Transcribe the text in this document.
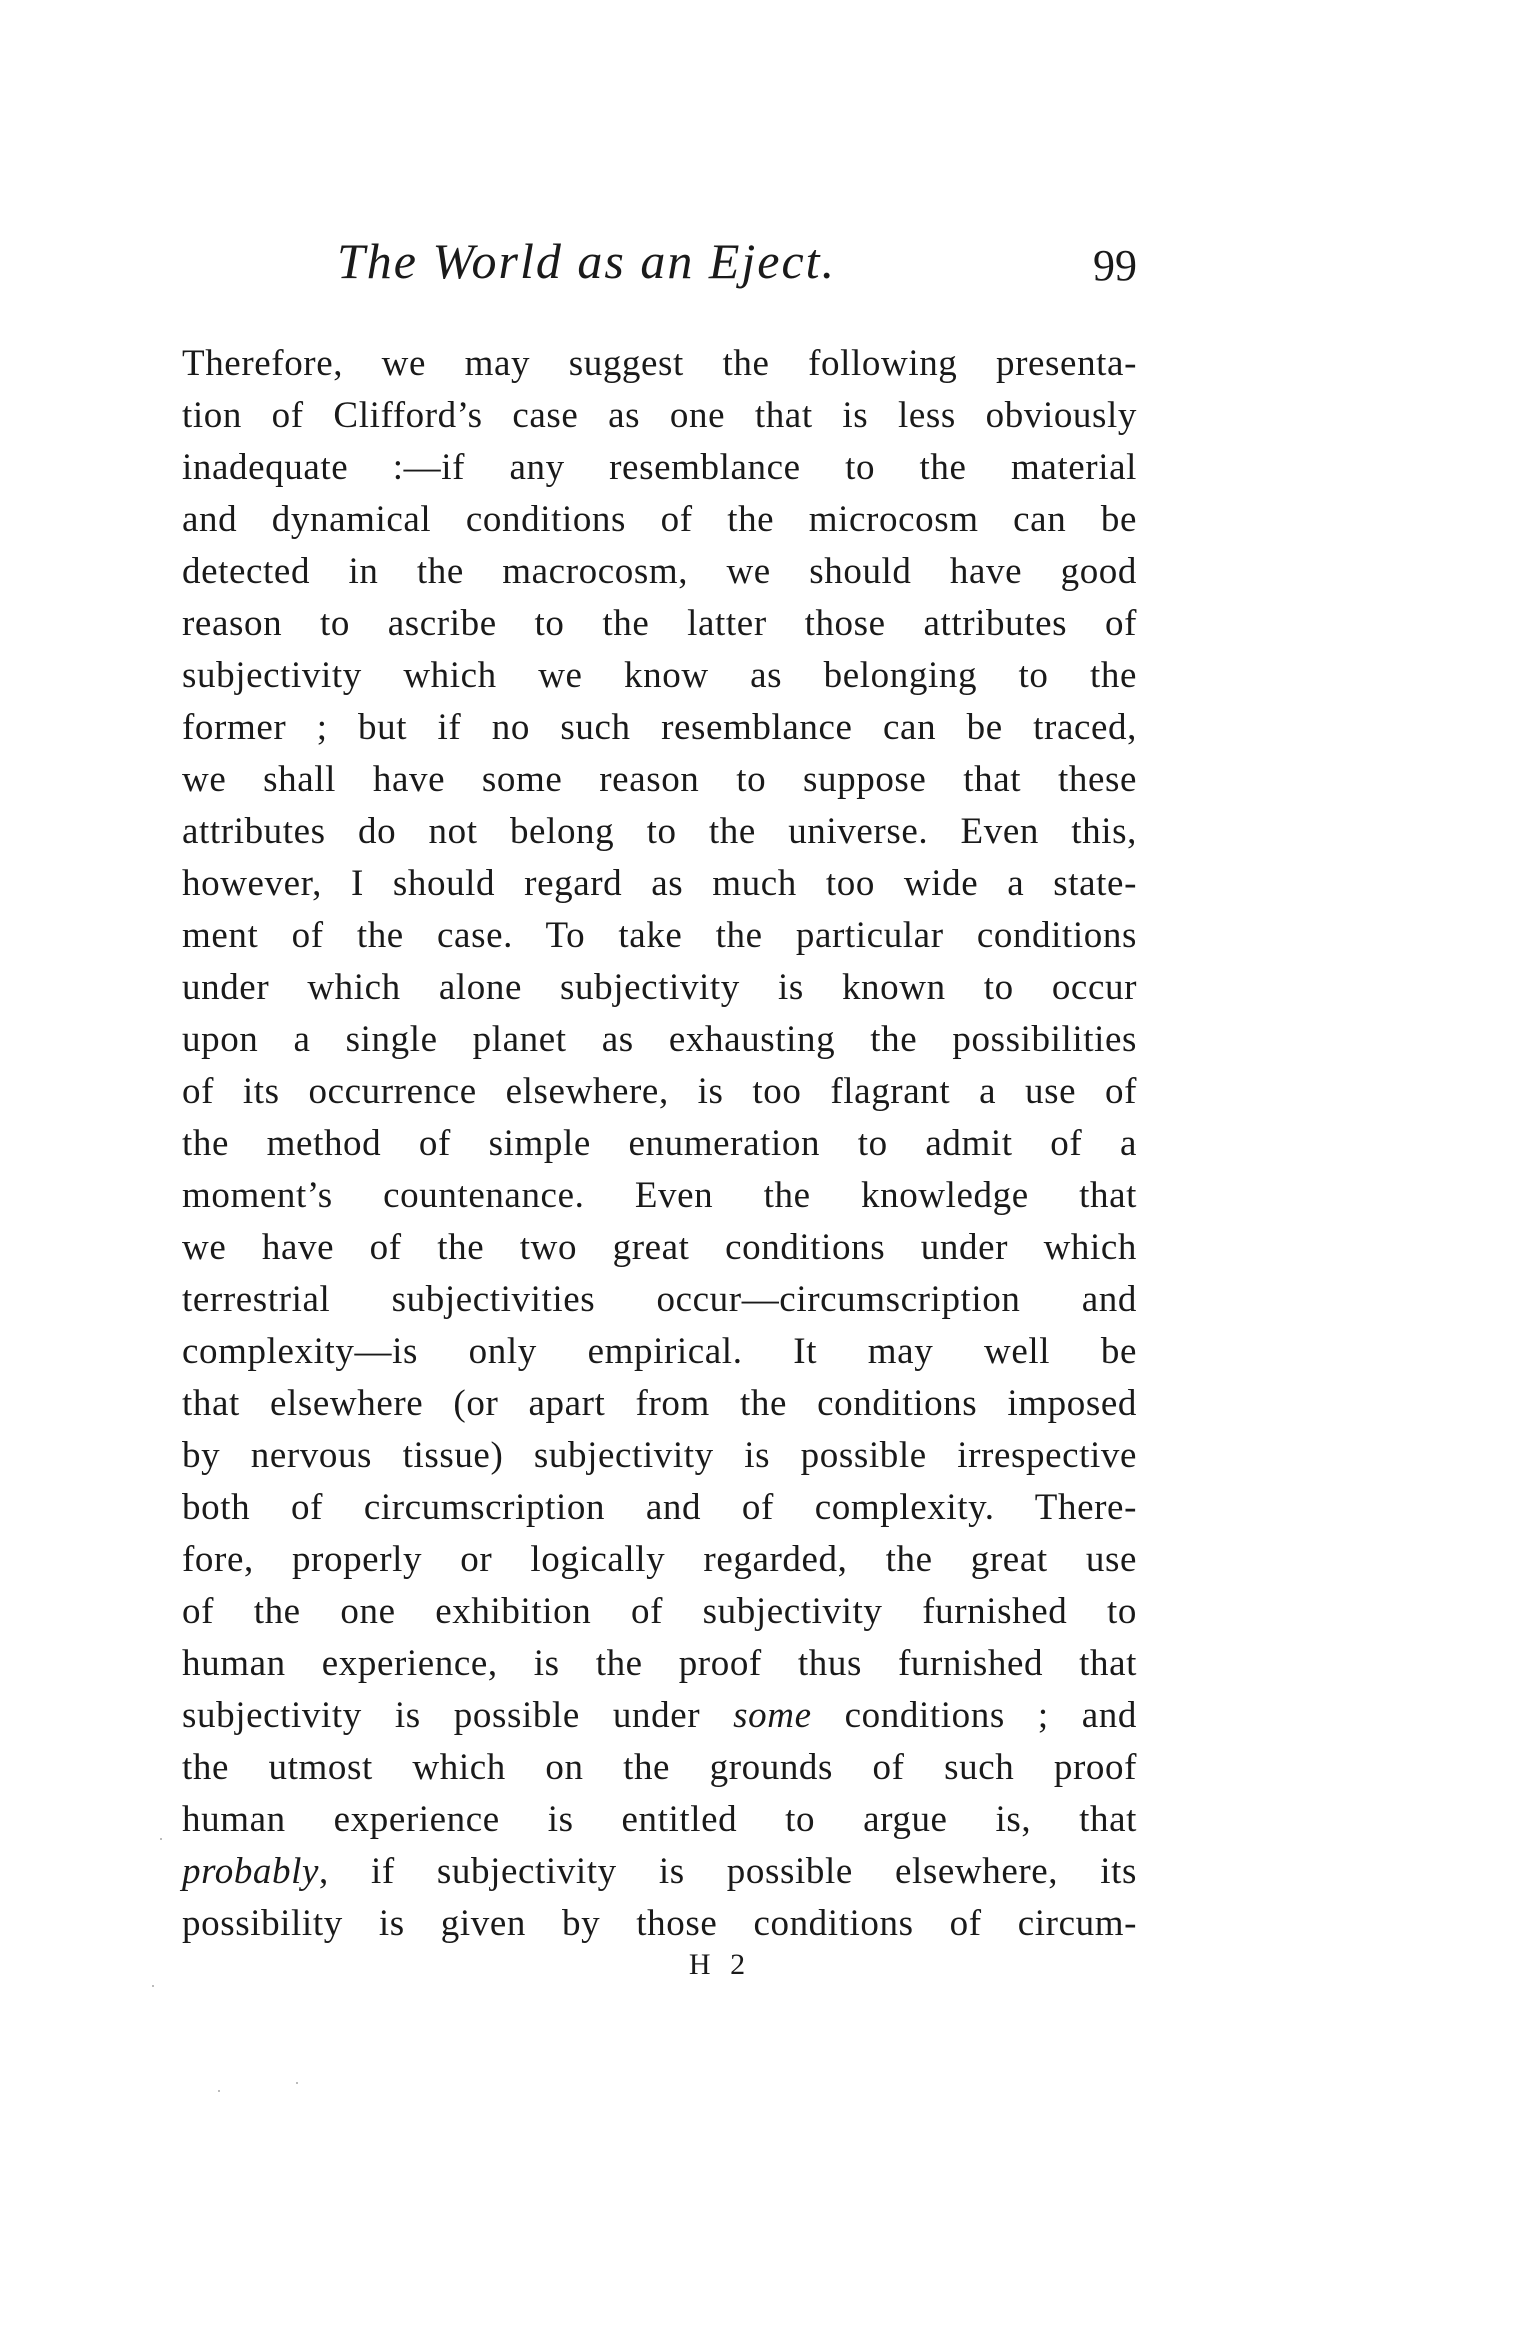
The World as an Eject.	99
Therefore, we may suggest the following presenta-
tion of Clifford’s case as one that is less obviously
inadequate :—if any resemblance to the material
and dynamical conditions of the microcosm can be
detected in the macrocosm, we should have good
reason to ascribe to the latter those attributes of
subjectivity which we know as belonging to the
former ; but if no such resemblance can be traced,
we shall have some reason to suppose that these
attributes do not belong to the universe. Even this,
however, I should regard as much too wide a state-
ment of the case. To take the particular conditions
under which alone subjectivity is known to occur
upon a single planet as exhausting the possibilities
of its occurrence elsewhere, is too flagrant a use of
the method of simple enumeration to admit of a
moment’s countenance. Even the knowledge that
we have of the two great conditions under which
terrestrial subjectivities occur—circumscription and
complexity—is only empirical. It may well be
that elsewhere (or apart from the conditions imposed
by nervous tissue) subjectivity is possible irrespective
both of circumscription and of complexity. There-
fore, properly or logically regarded, the great use
of the one exhibition of subjectivity furnished to
human experience, is the proof thus furnished that
subjectivity is possible under some conditions ; and
the utmost which on the grounds of such proof
human experience is entitled to argue is, that
probably, if subjectivity is possible elsewhere, its
possibility is given by those conditions of circum-
H 2
